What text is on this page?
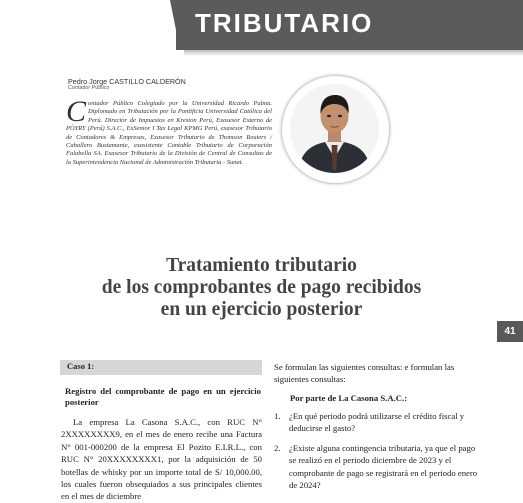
TRIBUTARIO
Pedro Jorge CASTILLO CALDERÓN
Contador Público

Contador Público Colegiado por la Universidad Ricardo Palma. Diplomado en Tributación por la Pontificia Universidad Católica del Perú. Director de Impuestos en Kreston Perú, Exasesor Externo de PÖYRY (Perú) S.A.C., ExSenior I Tax Legal KPMG Perú, exasesor Tributario de Contadores & Empresas, Exasesor Tributario de Thomson Reuters / Caballero Bustamante, exasistente Contable Tributario de Corporación Falabella SA. Exasesor Tributario de la División de Central de Consultas de la Superintendencia Nacional de Administración Tributaria - Sunat.

Tratamiento tributario
de los comprobantes de pago recibidos
en un ejercicio posterior
41
Caso 1:
Registro del comprobante de pago en un ejercicio posterior

La empresa La Casona S.A.C., con RUC N° 2XXXXXXXX9, en el mes de enero recibe una Factura N° 001-000200 de la empresa El Pozito E.I.R.L., con RUC N° 20XXXXXXXX1, por la adquisición de 50 botellas de whisky por un importe total de S/ 10,000.00, los cuales fueron obsequiados a sus principales clientes en el mes de diciembre

Se formulan las siguientes consultas: e formulan las siguientes consultas:

Por parte de La Casona S.A.C.:
1. ¿En qué periodo podrá utilizarse el crédito fiscal y deducirse el gasto?
2. ¿Existe alguna contingencia tributaria, ya que el pago se realizó en el periodo diciembre de 2023 y el comprobante de pago se registrará en el periodo enero de 2024?
